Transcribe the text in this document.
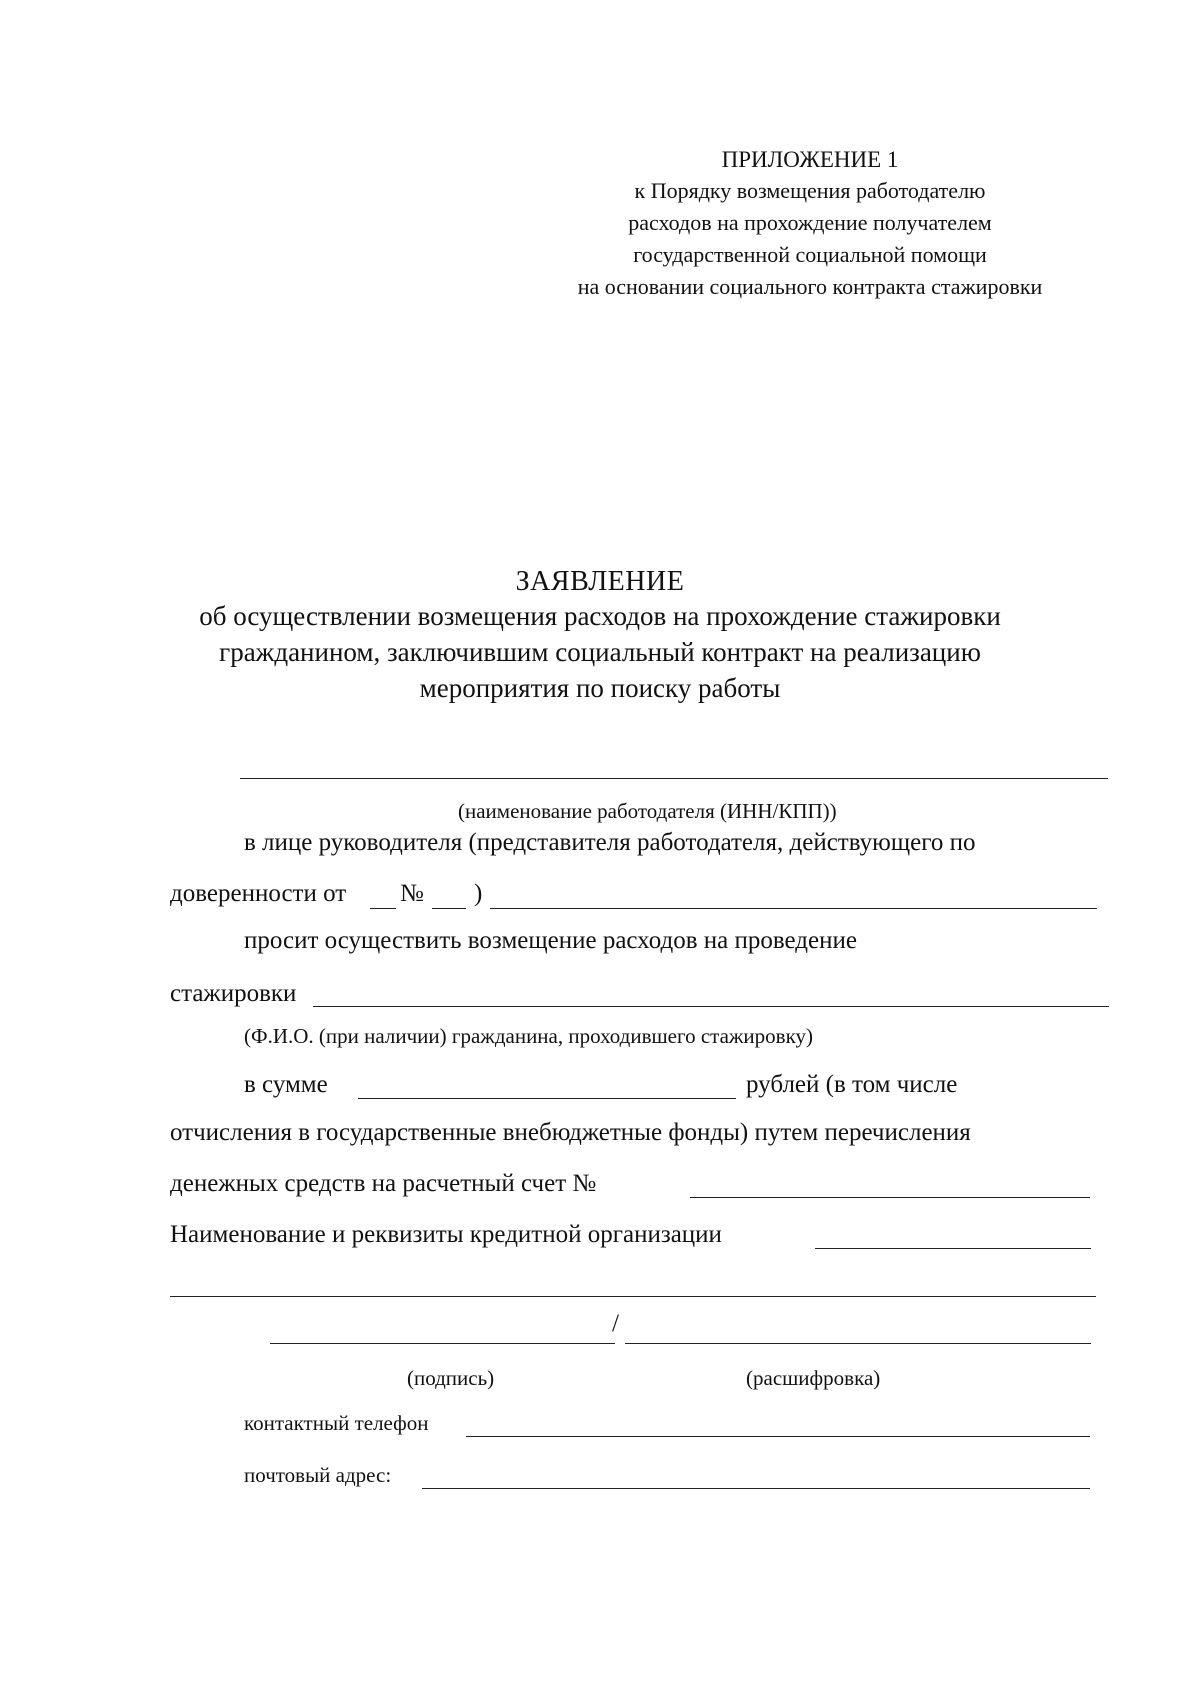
ПРИЛОЖЕНИЕ 1
к Порядку возмещения работодателю
расходов на прохождение получателем
государственной социальной помощи
на основании социального контракта стажировки
ЗАЯВЛЕНИЕ
об осуществлении возмещения расходов на прохождение стажировки
гражданином, заключившим социальный контракт на реализацию
мероприятия по поиску работы
(наименование работодателя (ИНН/КПП))
в лице руководителя (представителя работодателя, действующего по
доверенности от № )
просит осуществить возмещение расходов на проведение
стажировки
(Ф.И.О. (при наличии) гражданина, проходившего стажировку)
в сумме	рублей (в том числе
отчисления в государственные внебюджетные фонды) путем перечисления
денежных средств на расчетный счет №
Наименование и реквизиты кредитной организации
/
(подпись)	(расшифровка)
контактный телефон
почтовый адрес:
